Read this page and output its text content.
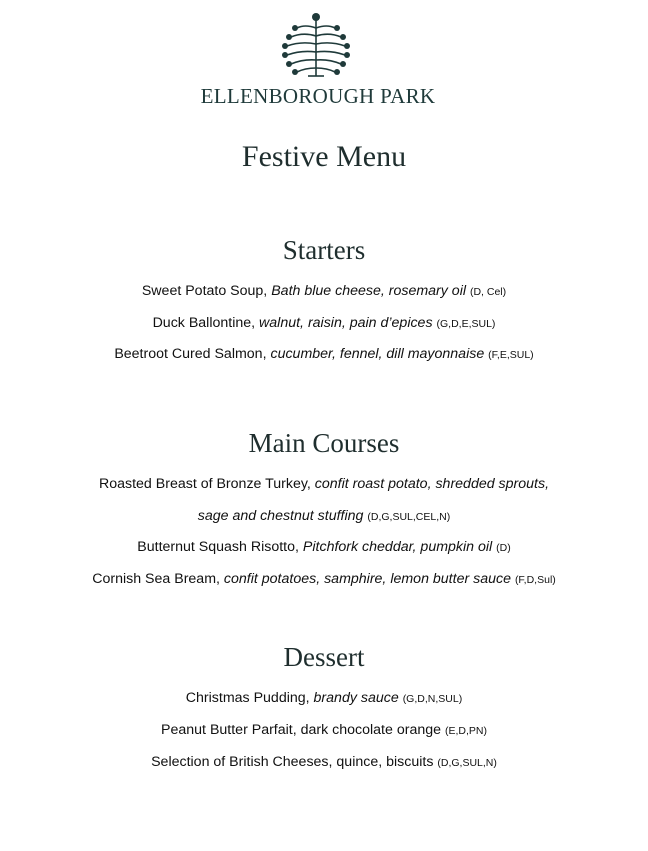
ELLENBOROUGH PARK
Festive Menu
Starters
Sweet Potato Soup, Bath blue cheese, rosemary oil (D, Cel)
Duck Ballontine, walnut, raisin, pain d’epices (G,D,E,SUL)
Beetroot Cured Salmon, cucumber, fennel, dill mayonnaise (F,E,SUL)
Main Courses
Roasted Breast of Bronze Turkey, confit roast potato, shredded sprouts,
sage and chestnut stuffing (D,G,SUL,CEL,N)
Butternut Squash Risotto, Pitchfork cheddar, pumpkin oil (D)
Cornish Sea Bream, confit potatoes, samphire, lemon butter sauce (F,D,Sul)
Dessert
Christmas Pudding, brandy sauce (G,D,N,SUL)
Peanut Butter Parfait, dark chocolate orange (E,D,PN)
Selection of British Cheeses, quince, biscuits (D,G,SUL,N)
